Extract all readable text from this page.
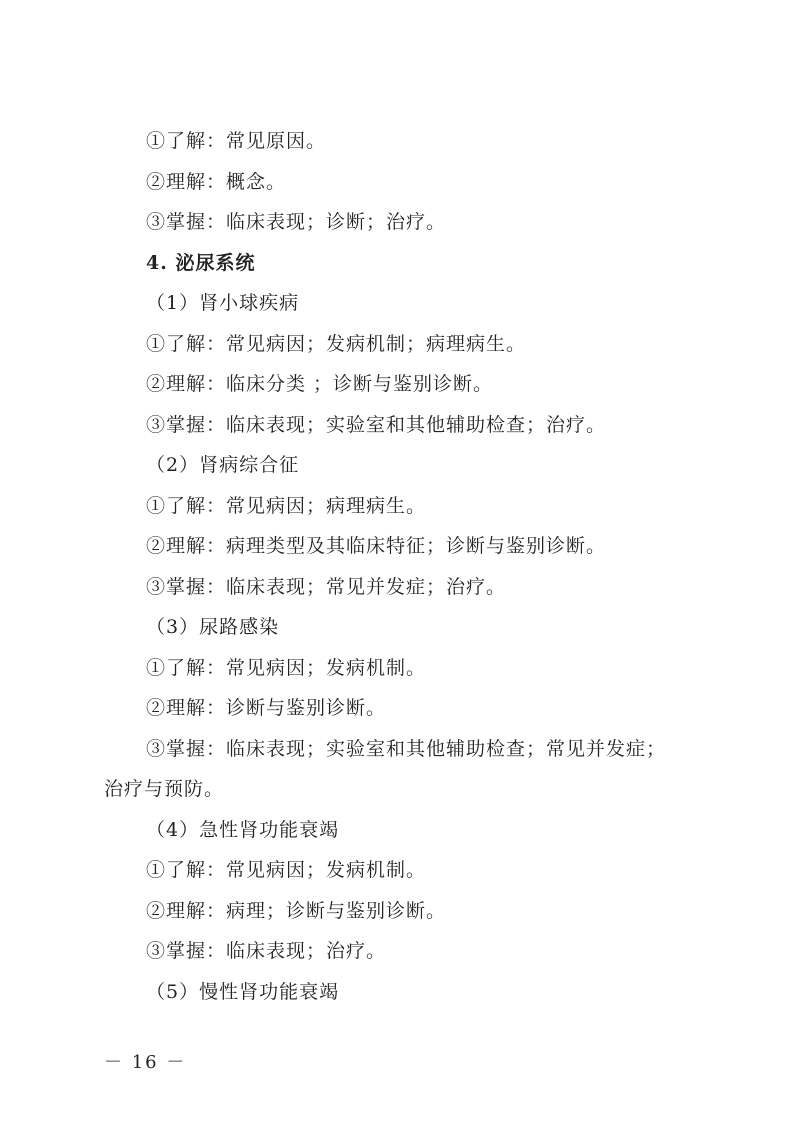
①了解：常见原因。
②理解：概念。
③掌握：临床表现；诊断；治疗。
4. 泌尿系统
（1）肾小球疾病
①了解：常见病因；发病机制；病理病生。
②理解：临床分类 ；诊断与鉴别诊断。
③掌握：临床表现；实验室和其他辅助检查；治疗。
（2）肾病综合征
①了解：常见病因；病理病生。
②理解：病理类型及其临床特征；诊断与鉴别诊断。
③掌握：临床表现；常见并发症；治疗。
（3）尿路感染
①了解：常见病因；发病机制。
②理解：诊断与鉴别诊断。
③掌握：临床表现；实验室和其他辅助检查；常见并发症；
治疗与预防。
（4）急性肾功能衰竭
①了解：常见病因；发病机制。
②理解：病理；诊断与鉴别诊断。
③掌握：临床表现；治疗。
（5）慢性肾功能衰竭
－ 16 －
